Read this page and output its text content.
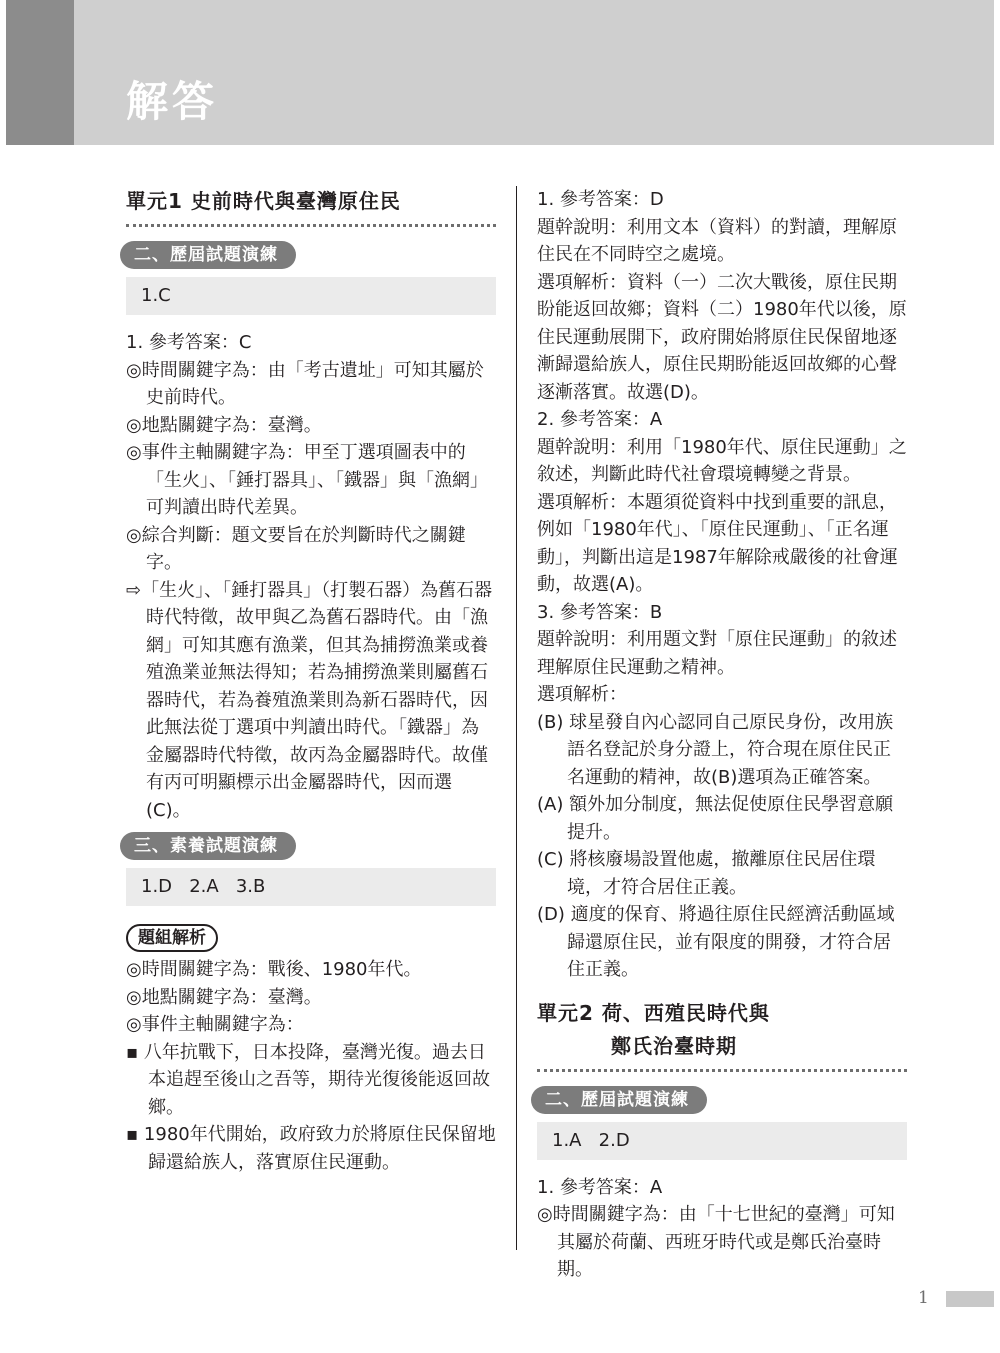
解答
單元1 史前時代與臺灣原住民
二、歷屆試題演練
1.C

1. 參考答案：C

◎時間關鍵字為：由「考古遺址」可知其屬於史前時代。

◎地點關鍵字為：臺灣。

◎事件主軸關鍵字為：甲至丁選項圖表中的「生火」、「錘打器具」、「鐵器」與「漁網」可判讀出時代差異。

◎綜合判斷：題文要旨在於判斷時代之關鍵字。

⇨「生火」、「錘打器具」（打製石器）為舊石器時代特徵，故甲與乙為舊石器時代。由「漁網」可知其應有漁業，但其為捕撈漁業或養殖漁業並無法得知；若為捕撈漁業則屬舊石器時代，若為養殖漁業則為新石器時代，因此無法從丁選項中判讀出時代。「鐵器」為金屬器時代特徵，故丙為金屬器時代。故僅有丙可明顯標示出金屬器時代，因而選(C)。

三、素養試題演練
1.D   2.A   3.B
題組解析

◎時間關鍵字為：戰後、1980年代。

◎地點關鍵字為：臺灣。

◎事件主軸關鍵字為：

▪ 八年抗戰下，日本投降，臺灣光復。過去日本追趕至後山之吾等，期待光復後能返回故鄉。

▪ 1980年代開始，政府致力於將原住民保留地歸還給族人，落實原住民運動。

1. 參考答案：D

題幹說明：利用文本（資料）的對讀，理解原住民在不同時空之處境。

選項解析：資料（一）二次大戰後，原住民期盼能返回故鄉；資料（二）1980年代以後，原住民運動展開下，政府開始將原住民保留地逐漸歸還給族人，原住民期盼能返回故鄉的心聲逐漸落實。故選(D)。

2. 參考答案：A

題幹說明：利用「1980年代、原住民運動」之敘述，判斷此時代社會環境轉變之背景。

選項解析：本題須從資料中找到重要的訊息，例如「1980年代」、「原住民運動」、「正名運動」，判斷出這是1987年解除戒嚴後的社會運動，故選(A)。

3. 參考答案：B

題幹說明：利用題文對「原住民運動」的敘述理解原住民運動之精神。

選項解析：

(B) 球星發自內心認同自己原民身份，改用族語名登記於身分證上，符合現在原住民正名運動的精神，故(B)選項為正確答案。

(A) 額外加分制度，無法促使原住民學習意願提升。

(C) 將核廢場設置他處，撤離原住民居住環境，才符合居住正義。

(D) 適度的保育、將過往原住民經濟活動區域歸還原住民，並有限度的開發，才符合居住正義。

單元2 荷、西殖民時代與
鄭氏治臺時期
二、歷屆試題演練
1.A   2.D

1. 參考答案：A

◎時間關鍵字為：由「十七世紀的臺灣」可知其屬於荷蘭、西班牙時代或是鄭氏治臺時期。

1
